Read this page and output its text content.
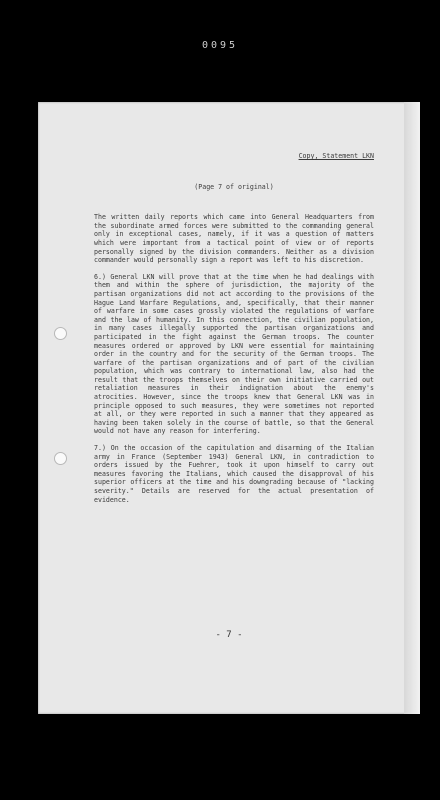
0095
Copy, Statement LKN
(Page 7 of original)

The written daily reports which came into General Headquarters from the subordinate armed forces were submitted to the commanding general only in exceptional cases, namely, if it was a question of matters which were important from a tactical point of view or of reports personally signed by the division commanders. Neither as a division commander would personally sign a report was left to his discretion.

6.) General LKN will prove that at the time when he had dealings with them and within the sphere of jurisdiction, the majority of the partisan organizations did not act according to the provisions of the Hague Land Warfare Regulations, and, specifically, that their manner of warfare in some cases grossly violated the regulations of warfare and the law of humanity. In this connection, the civilian population, in many cases illegally supported the partisan organizations and participated in the fight against the German troops. The counter measures ordered or approved by LKN were essential for maintaining order in the country and for the security of the German troops. The warfare of the partisan organizations and of part of the civilian population, which was contrary to international law, also had the result that the troops themselves on their own initiative carried out retaliation measures in their indignation about the enemy's atrocities. However, since the troops knew that General LKN was in principle opposed to such measures, they were sometimes not reported at all, or they were reported in such a manner that they appeared as having been taken solely in the course of battle, so that the General would not have any reason for interfering.

7.) On the occasion of the capitulation and disarming of the Italian army in France (September 1943) General LKN, in contradiction to orders issued by the Fuehrer, took it upon himself to carry out measures favoring the Italians, which caused the disapproval of his superior officers at the time and his downgrading because of "lacking severity." Details are reserved for the actual presentation of evidence.

- 7 -
